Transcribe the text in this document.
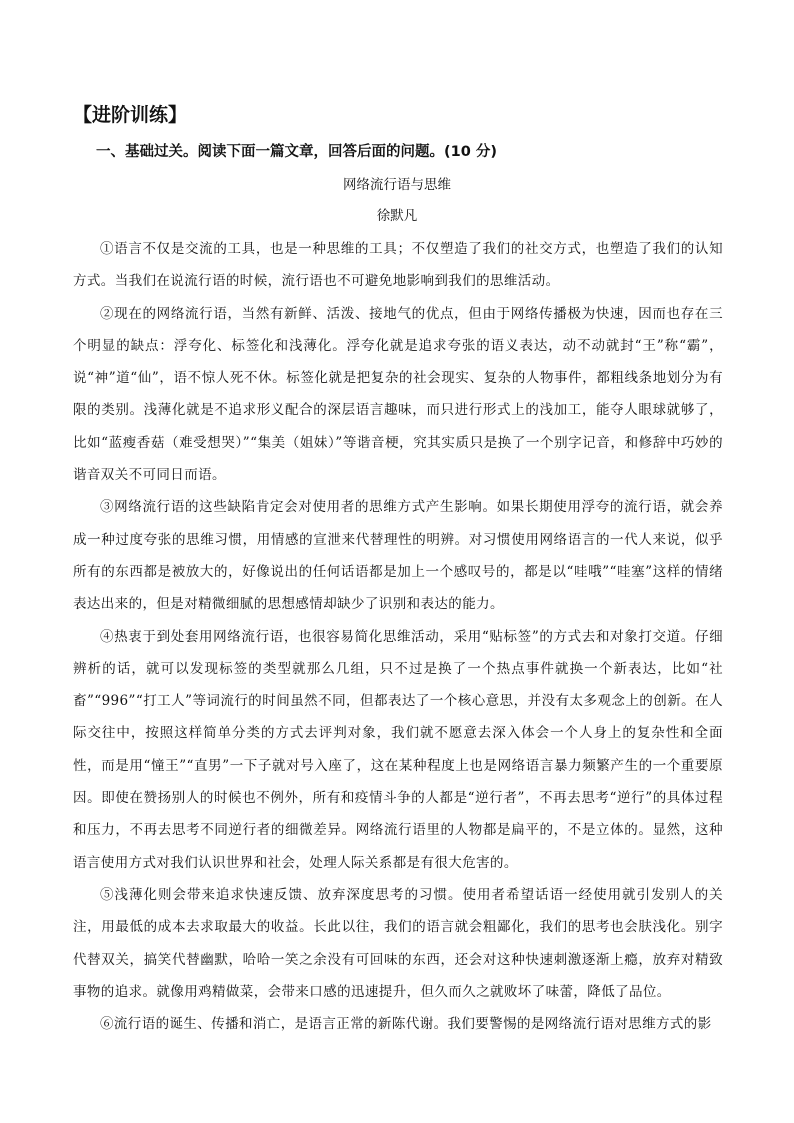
【进阶训练】
一、基础过关。阅读下面一篇文章，回答后面的问题。(10 分)
网络流行语与思维
徐默凡

①语言不仅是交流的工具，也是一种思维的工具；不仅塑造了我们的社交方式，也塑造了我们的认知方式。当我们在说流行语的时候，流行语也不可避免地影响到我们的思维活动。

②现在的网络流行语，当然有新鲜、活泼、接地气的优点，但由于网络传播极为快速，因而也存在三个明显的缺点：浮夸化、标签化和浅薄化。浮夸化就是追求夸张的语义表达，动不动就封“王”称“霸”，说“神”道“仙”，语不惊人死不休。标签化就是把复杂的社会现实、复杂的人物事件，都粗线条地划分为有限的类别。浅薄化就是不追求形义配合的深层语言趣味，而只进行形式上的浅加工，能夺人眼球就够了，比如“蓝瘦香菇（难受想哭）”“集美（姐妹）”等谐音梗，究其实质只是换了一个别字记音，和修辞中巧妙的谐音双关不可同日而语。

③网络流行语的这些缺陷肯定会对使用者的思维方式产生影响。如果长期使用浮夸的流行语，就会养成一种过度夸张的思维习惯，用情感的宣泄来代替理性的明辨。对习惯使用网络语言的一代人来说，似乎所有的东西都是被放大的，好像说出的任何话语都是加上一个感叹号的，都是以“哇哦”“哇塞”这样的情绪表达出来的，但是对精微细腻的思想感情却缺少了识别和表达的能力。

④热衷于到处套用网络流行语，也很容易简化思维活动，采用“贴标签”的方式去和对象打交道。仔细辨析的话，就可以发现标签的类型就那么几组，只不过是换了一个热点事件就换一个新表达，比如“社畜”“996”“打工人”等词流行的时间虽然不同，但都表达了一个核心意思，并没有太多观念上的创新。在人际交往中，按照这样简单分类的方式去评判对象，我们就不愿意去深入体会一个人身上的复杂性和全面性，而是用“憧王”“直男”一下子就对号入座了，这在某种程度上也是网络语言暴力频繁产生的一个重要原因。即使在赞扬别人的时候也不例外，所有和疫情斗争的人都是“逆行者”，不再去思考“逆行”的具体过程和压力，不再去思考不同逆行者的细微差异。网络流行语里的人物都是扁平的，不是立体的。显然，这种语言使用方式对我们认识世界和社会，处理人际关系都是有很大危害的。

⑤浅薄化则会带来追求快速反馈、放弃深度思考的习惯。使用者希望话语一经使用就引发别人的关注，用最低的成本去求取最大的收益。长此以往，我们的语言就会粗鄙化，我们的思考也会肤浅化。别字代替双关，搞笑代替幽默，哈哈一笑之余没有可回味的东西，还会对这种快速刺激逐渐上瘾，放弃对精致事物的追求。就像用鸡精做菜，会带来口感的迅速提升，但久而久之就败坏了味蕾，降低了品位。

⑥流行语的诞生、传播和消亡，是语言正常的新陈代谢。我们要警惕的是网络流行语对思维方式的影
